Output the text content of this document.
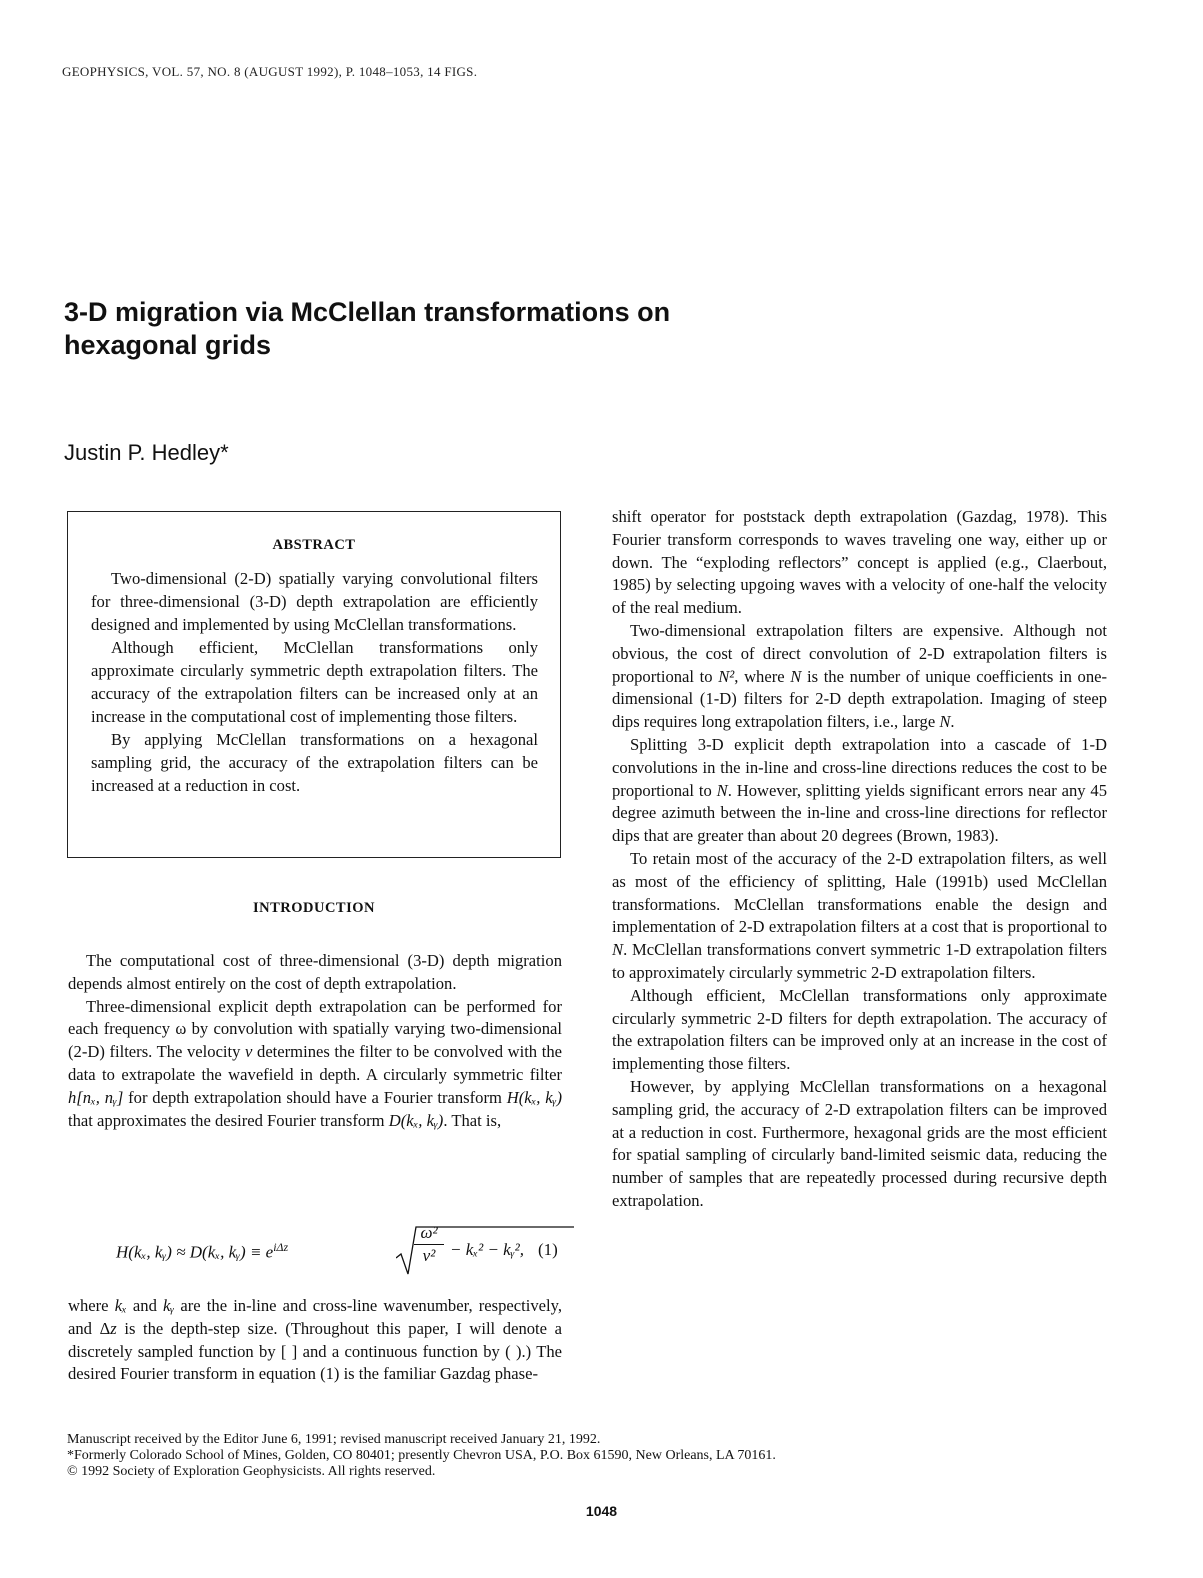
GEOPHYSICS, VOL. 57, NO. 8 (AUGUST 1992), P. 1048–1053, 14 FIGS.
3-D migration via McClellan transformations on
hexagonal grids
Justin P. Hedley*
ABSTRACT

Two-dimensional (2-D) spatially varying convolutional filters for three-dimensional (3-D) depth extrapolation are efficiently designed and implemented by using McClellan transformations.

Although efficient, McClellan transformations only approximate circularly symmetric depth extrapolation filters. The accuracy of the extrapolation filters can be increased only at an increase in the computational cost of implementing those filters.

By applying McClellan transformations on a hexagonal sampling grid, the accuracy of the extrapolation filters can be increased at a reduction in cost.

INTRODUCTION

The computational cost of three-dimensional (3-D) depth migration depends almost entirely on the cost of depth extrapolation.

Three-dimensional explicit depth extrapolation can be performed for each frequency ω by convolution with spatially varying two-dimensional (2-D) filters. The velocity v determines the filter to be convolved with the data to extrapolate the wavefield in depth. A circularly symmetric filter h[nₓ, nᵧ] for depth extrapolation should have a Fourier transform H(kₓ, kᵧ) that approximates the desired Fourier transform D(kₓ, kᵧ). That is,

H(kₓ, kᵧ) ≈ D(kₓ, kᵧ) ≡ $e^{i\Delta z}$	$\frac{\text{ω²}}{\text{v²}} - k_x^2$ − kᵧ², (1)

where kₓ and kᵧ are the in-line and cross-line wavenumber, respectively, and Δz is the depth-step size. (Throughout this paper, I will denote a discretely sampled function by [ ] and a continuous function by ( ).) The desired Fourier transform in equation (1) is the familiar Gazdag phase-

shift operator for poststack depth extrapolation (Gazdag, 1978). This Fourier transform corresponds to waves traveling one way, either up or down. The “exploding reflectors” concept is applied (e.g., Claerbout, 1985) by selecting upgoing waves with a velocity of one-half the velocity of the real medium.

Two-dimensional extrapolation filters are expensive. Although not obvious, the cost of direct convolution of 2-D extrapolation filters is proportional to N², where N is the number of unique coefficients in one-dimensional (1-D) filters for 2-D depth extrapolation. Imaging of steep dips requires long extrapolation filters, i.e., large N.

Splitting 3-D explicit depth extrapolation into a cascade of 1-D convolutions in the in-line and cross-line directions reduces the cost to be proportional to N. However, splitting yields significant errors near any 45 degree azimuth between the in-line and cross-line directions for reflector dips that are greater than about 20 degrees (Brown, 1983).

To retain most of the accuracy of the 2-D extrapolation filters, as well as most of the efficiency of splitting, Hale (1991b) used McClellan transformations. McClellan transformations enable the design and implementation of 2-D extrapolation filters at a cost that is proportional to N. McClellan transformations convert symmetric 1-D extrapolation filters to approximately circularly symmetric 2-D extrapolation filters.

Although efficient, McClellan transformations only approximate circularly symmetric 2-D filters for depth extrapolation. The accuracy of the extrapolation filters can be improved only at an increase in the cost of implementing those filters.

However, by applying McClellan transformations on a hexagonal sampling grid, the accuracy of 2-D extrapolation filters can be improved at a reduction in cost. Furthermore, hexagonal grids are the most efficient for spatial sampling of circularly band-limited seismic data, reducing the number of samples that are repeatedly processed during recursive depth extrapolation.

Manuscript received by the Editor June 6, 1991; revised manuscript received January 21, 1992.
*Formerly Colorado School of Mines, Golden, CO 80401; presently Chevron USA, P.O. Box 61590, New Orleans, LA 70161.
© 1992 Society of Exploration Geophysicists. All rights reserved.
1048
